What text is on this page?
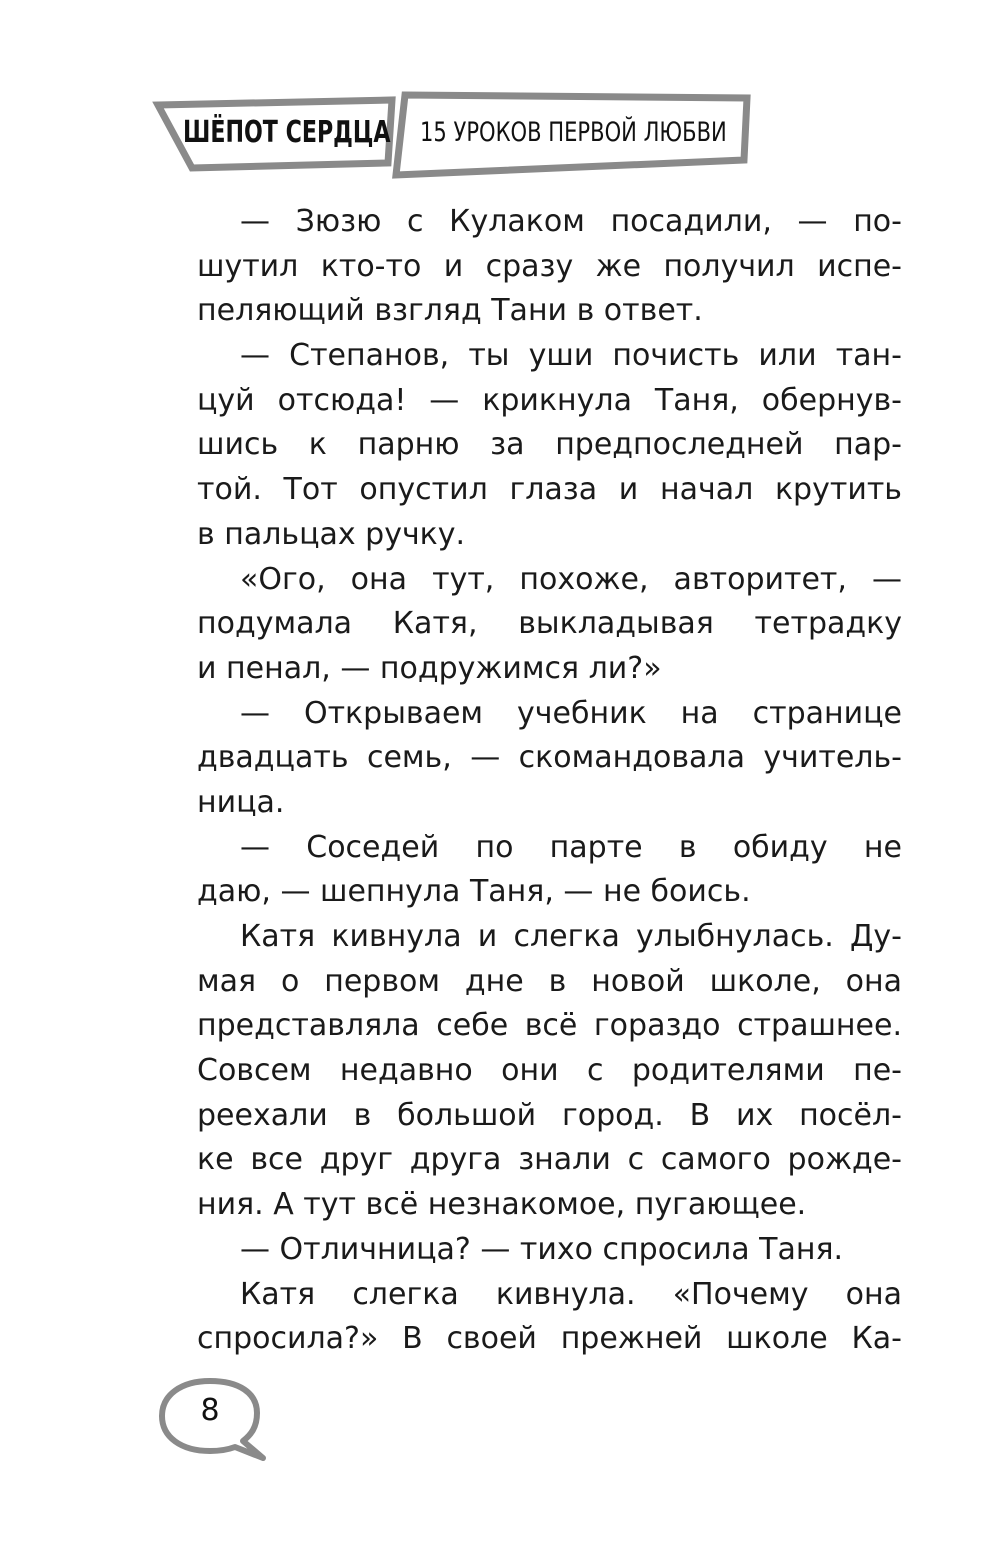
ШЁПОТ СЕРДЦА 15 УРОКОВ ПЕРВОЙ ЛЮБВИ
— Зюзю с Кулаком посадили, — по-
шутил кто-то и сразу же получил испе-
пеляющий взгляд Тани в ответ.
— Степанов, ты уши почисть или тан-
цуй отсюда! — крикнула Таня, обернув-
шись к парню за предпоследней пар-
той. Тот опустил глаза и начал крутить
в пальцах ручку.
«Ого, она тут, похоже, авторитет, —
подумала Катя, выкладывая тетрадку
и пенал, — подружимся ли?»
— Открываем учебник на странице
двадцать семь, — скомандовала учитель-
ница.
— Соседей по парте в обиду не
даю, — шепнула Таня, — не боись.
Катя кивнула и слегка улыбнулась. Ду-
мая о первом дне в новой школе, она
представляла себе всё гораздо страшнее.
Совсем недавно они с родителями пе-
реехали в большой город. В их посёл-
ке все друг друга знали с самого рожде-
ния. А тут всё незнакомое, пугающее.
— Отличница? — тихо спросила Таня.
Катя слегка кивнула. «Почему она
спросила?» В своей прежней школе Ка-
8
